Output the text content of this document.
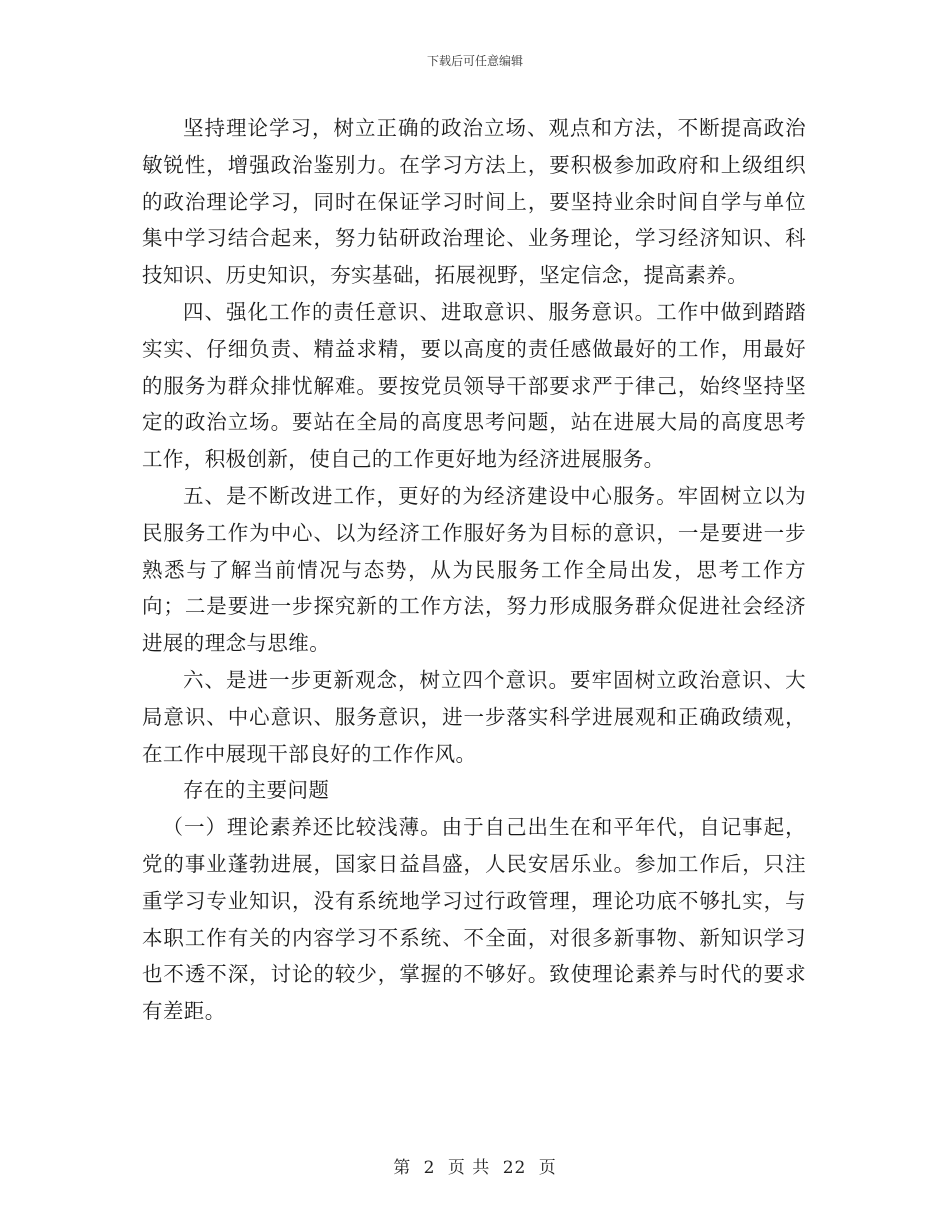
下载后可任意编辑

坚持理论学习，树立正确的政治立场、观点和方法，不断提高政治敏锐性，增强政治鉴别力。在学习方法上，要积极参加政府和上级组织的政治理论学习，同时在保证学习时间上，要坚持业余时间自学与单位集中学习结合起来，努力钻研政治理论、业务理论，学习经济知识、科技知识、历史知识，夯实基础，拓展视野，坚定信念，提高素养。

四、强化工作的责任意识、进取意识、服务意识。工作中做到踏踏实实、仔细负责、精益求精，要以高度的责任感做最好的工作，用最好的服务为群众排忧解难。要按党员领导干部要求严于律己，始终坚持坚定的政治立场。要站在全局的高度思考问题，站在进展大局的高度思考工作，积极创新，使自己的工作更好地为经济进展服务。

五、是不断改进工作，更好的为经济建设中心服务。牢固树立以为民服务工作为中心、以为经济工作服好务为目标的意识，一是要进一步熟悉与了解当前情况与态势，从为民服务工作全局出发，思考工作方向；二是要进一步探究新的工作方法，努力形成服务群众促进社会经济进展的理念与思维。

六、是进一步更新观念，树立四个意识。要牢固树立政治意识、大局意识、中心意识、服务意识，进一步落实科学进展观和正确政绩观，在工作中展现干部良好的工作作风。

存在的主要问题

（一）理论素养还比较浅薄。由于自己出生在和平年代，自记事起，党的事业蓬勃进展，国家日益昌盛，人民安居乐业。参加工作后，只注重学习专业知识，没有系统地学习过行政管理，理论功底不够扎实，与本职工作有关的内容学习不系统、不全面，对很多新事物、新知识学习也不透不深，讨论的较少，掌握的不够好。致使理论素养与时代的要求有差距。

第 2 页 共 22 页
